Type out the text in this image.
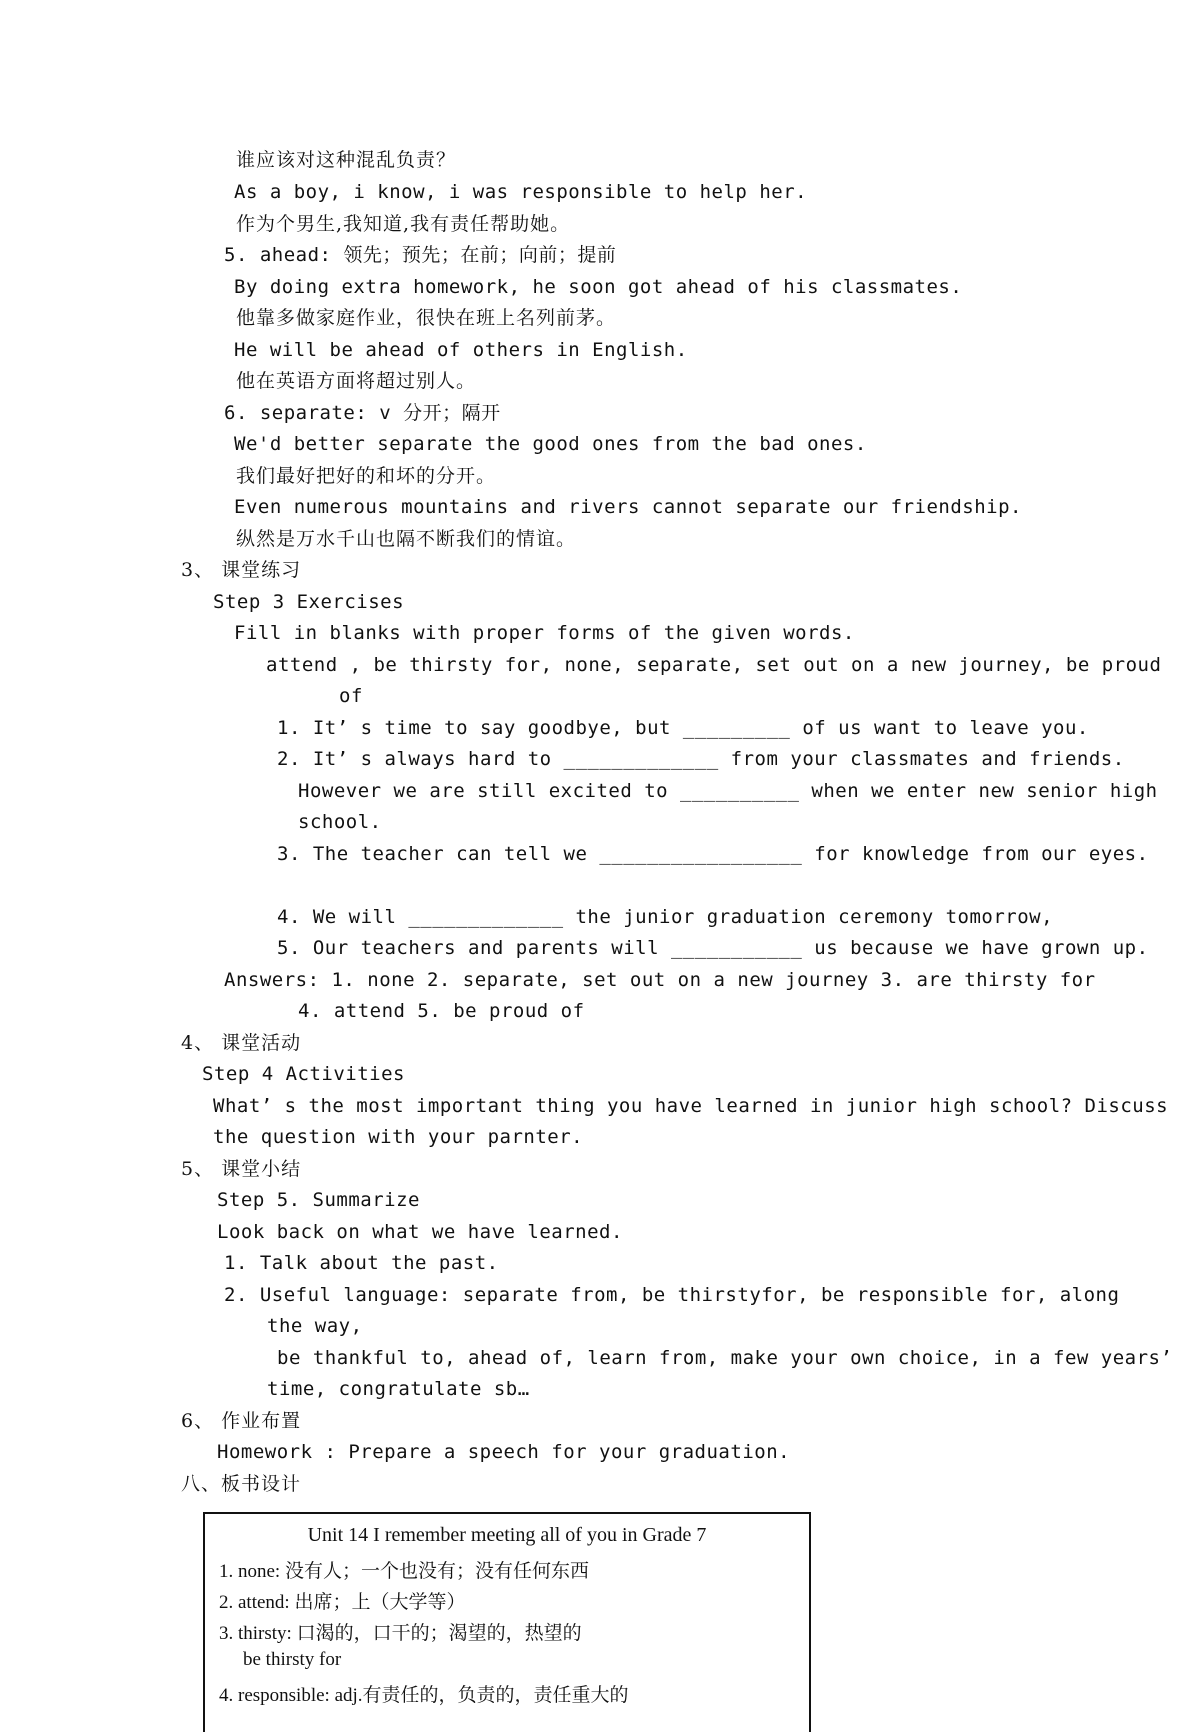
谁应该对这种混乱负责？
As a boy, i know, i was responsible to help her.
作为个男生,我知道,我有责任帮助她。
5. ahead: 领先；预先；在前；向前；提前
By doing extra homework, he soon got ahead of his classmates.
他靠多做家庭作业，很快在班上名列前茅。
He will be ahead of others in English.
他在英语方面将超过别人。
6. separate: v 分开；隔开
We'd better separate the good ones from the bad ones.
我们最好把好的和坏的分开。
Even numerous mountains and rivers cannot separate our friendship.
纵然是万水千山也隔不断我们的情谊。
3、 课堂练习
Step 3 Exercises
Fill in blanks with proper forms of the given words.
attend , be thirsty for, none, separate, set out on a new journey, be proud
of
1. It’ s time to say goodbye, but _________ of us want to leave you.
2. It’ s always hard to _____________ from your classmates and friends.
However we are still excited to __________ when we enter new senior high
school.
3. The teacher can tell we _________________ for knowledge from our eyes.
4. We will _____________ the junior graduation ceremony tomorrow,
5. Our teachers and parents will ___________ us because we have grown up.
Answers: 1. none 2. separate, set out on a new journey 3. are thirsty for
4. attend 5. be proud of
4、 课堂活动
Step 4 Activities
What’ s the most important thing you have learned in junior high school? Discuss
the question with your parnter.
5、 课堂小结
Step 5. Summarize
Look back on what we have learned.
1. Talk about the past.
2. Useful language: separate from, be thirstyfor, be responsible for, along
the way,
be thankful to, ahead of, learn from, make your own choice, in a few years’
time, congratulate sb…
6、 作业布置
Homework : Prepare a speech for your graduation.
八、板书设计
Unit 14 I remember meeting all of you in Grade 7
1. none: 没有人；一个也没有；没有任何东西
2. attend: 出席；上（大学等）
3. thirsty: 口渴的，口干的；渴望的，热望的
be thirsty for
4. responsible: adj.有责任的，负责的，责任重大的
